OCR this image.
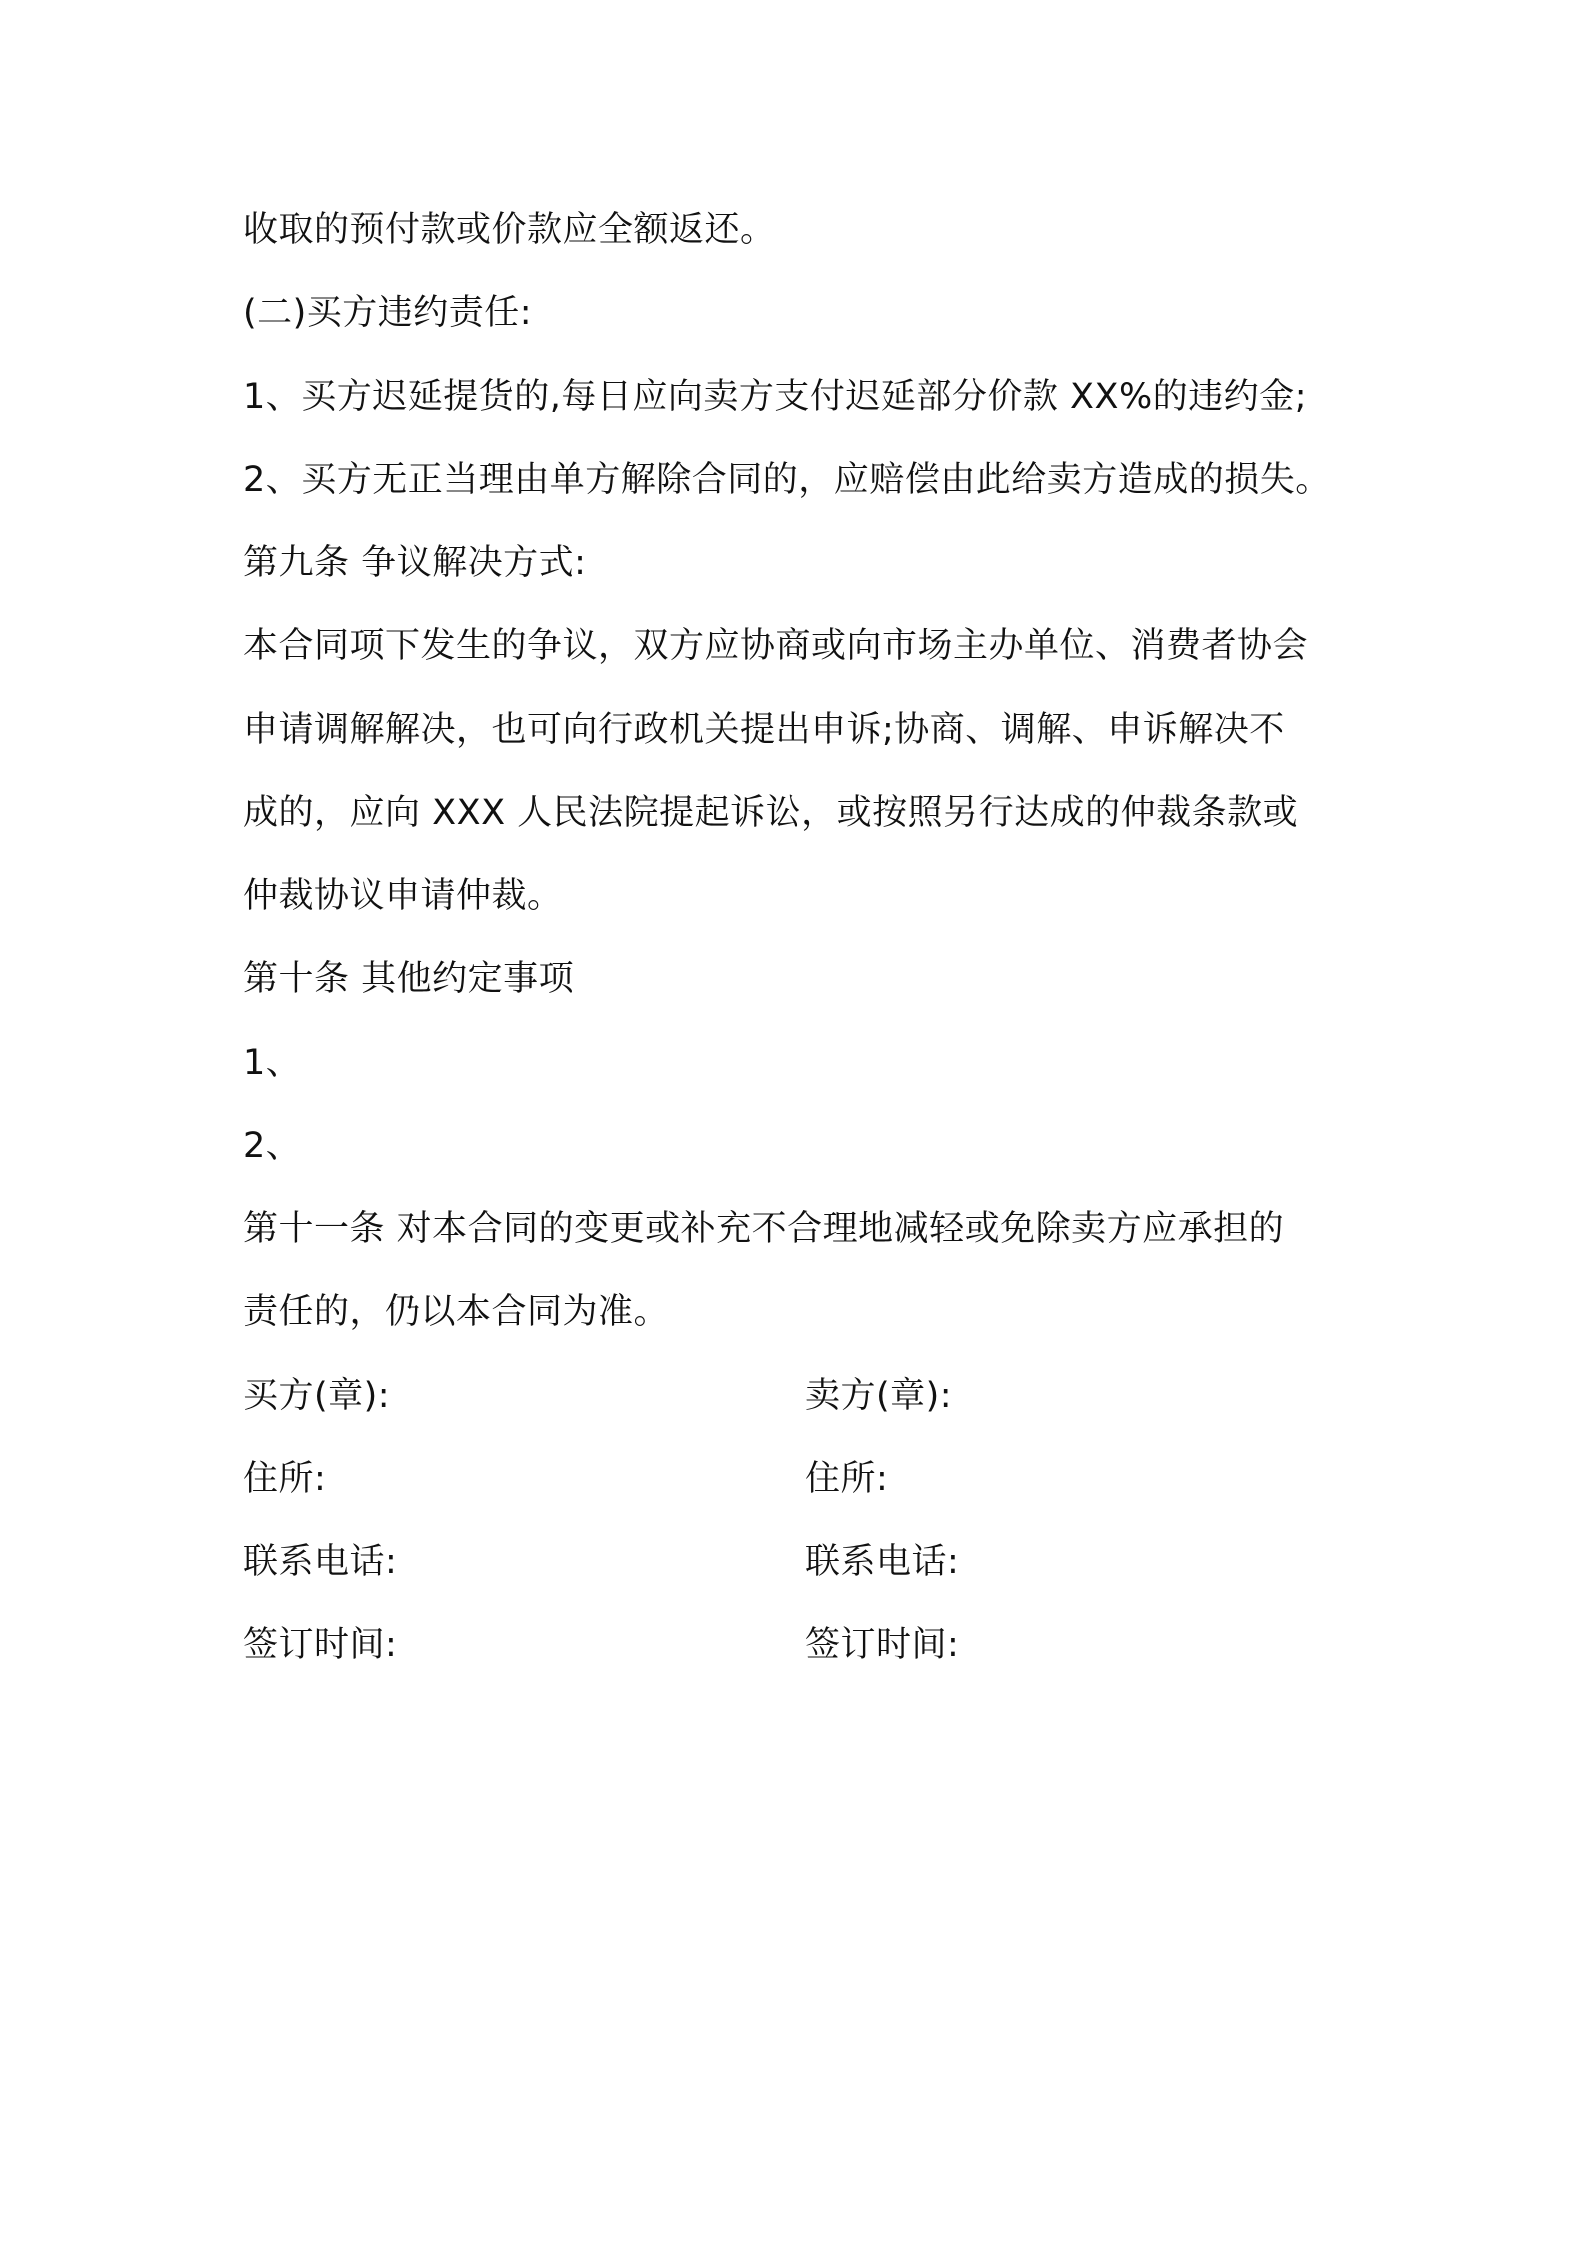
收取的预付款或价款应全额返还。
(二)买方违约责任:
1、买方迟延提货的,每日应向卖方支付迟延部分价款 XX%的违约金;
2、买方无正当理由单方解除合同的，应赔偿由此给卖方造成的损失。
第九条 争议解决方式:
本合同项下发生的争议，双方应协商或向市场主办单位、消费者协会
申请调解解决，也可向行政机关提出申诉;协商、调解、申诉解决不
成的，应向 XXX 人民法院提起诉讼，或按照另行达成的仲裁条款或
仲裁协议申请仲裁。
第十条 其他约定事项
1、
2、
第十一条 对本合同的变更或补充不合理地减轻或免除卖方应承担的
责任的，仍以本合同为准。
买方(章):	卖方(章):
住所:	住所:
联系电话:	联系电话:
签订时间:	签订时间:
